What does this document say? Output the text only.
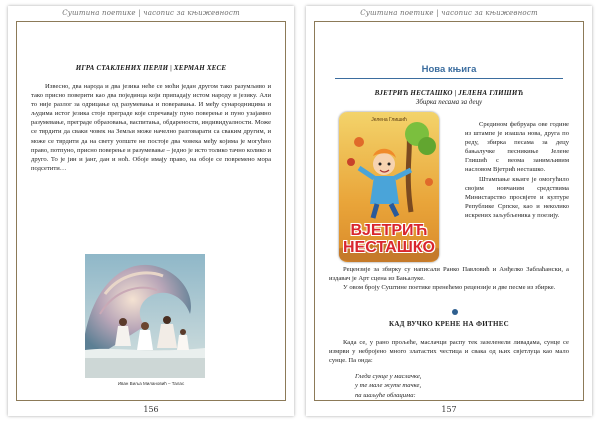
Суштина поетике | часопис за књижевност
ИГРА СТАКЛЕНИХ ПЕРЛИ | ХЕРМАН ХЕСЕ

Извесно, два народа и два језика неће се моћи један другом тако разумљиво и тако присно поверити као два појединца који припадају истом народу и језику. Али то није разлог за одрицање од разумевања и поверавања. И међу сународницима и људима истог језика стоје преграде које спречавају пуно поверење и пуно узајамно разумевање, преграде образовања, васпитања, обдарености, индивидуалности. Може се тврдити да сваки човек на Земљи може начелно разговарати са сваким другим, и може се тврдити да на свету уопште не постоје два човека међу којима је могућно право, потпуно, присно поверење и разумевање – једно је исто толико тачно колико и друго. То је јин и јанг, дан и ноћ. Обоје имају право, на обоје се повремено мора подсетити…

Иван Виља Милановић – Талас
156
Суштина поетике | часопис за књижевност
Нова књига
ВЈЕТРИЋ НЕСТАШКО | ЈЕЛЕНА ГЛИШИЋ
Збирка песама за децу
Јелена Глишић
ВЈЕТРИЋ
НЕСТАШКО

Средином фебруара ове године из штампе је изашла нова, друга по реду, збирка песама за децу бањалучке песникиње Јелене Глишић с веома занимљивим насловом Вјетрић несташко.

Штампање књиге је омогућило својим новчаним средствима Министарство просвјете и културе Републике Српске, као и неколико искрених заљубљеника у поезију.

Рецензије за збирку су написали Ранко Павловић и Анђелко Заблаћански, а издавач је Арт сцена из Бањалуке.

У овом броју Суштине поетике пренећемо рецензије и две песме из збирке.

КАД ВУЧКО КРЕНЕ НА ФИТНЕС

Када се, у рано прољеће, маслачци распу тек зазеленели ливадама, сунце се измрви у небројено много златастих честица и свака од њих свјетлуца као мало сунце. Па онда:

Гледа сунце у маслачке,
у те мале жуте тачке,
па шаљуће облацима:
157
